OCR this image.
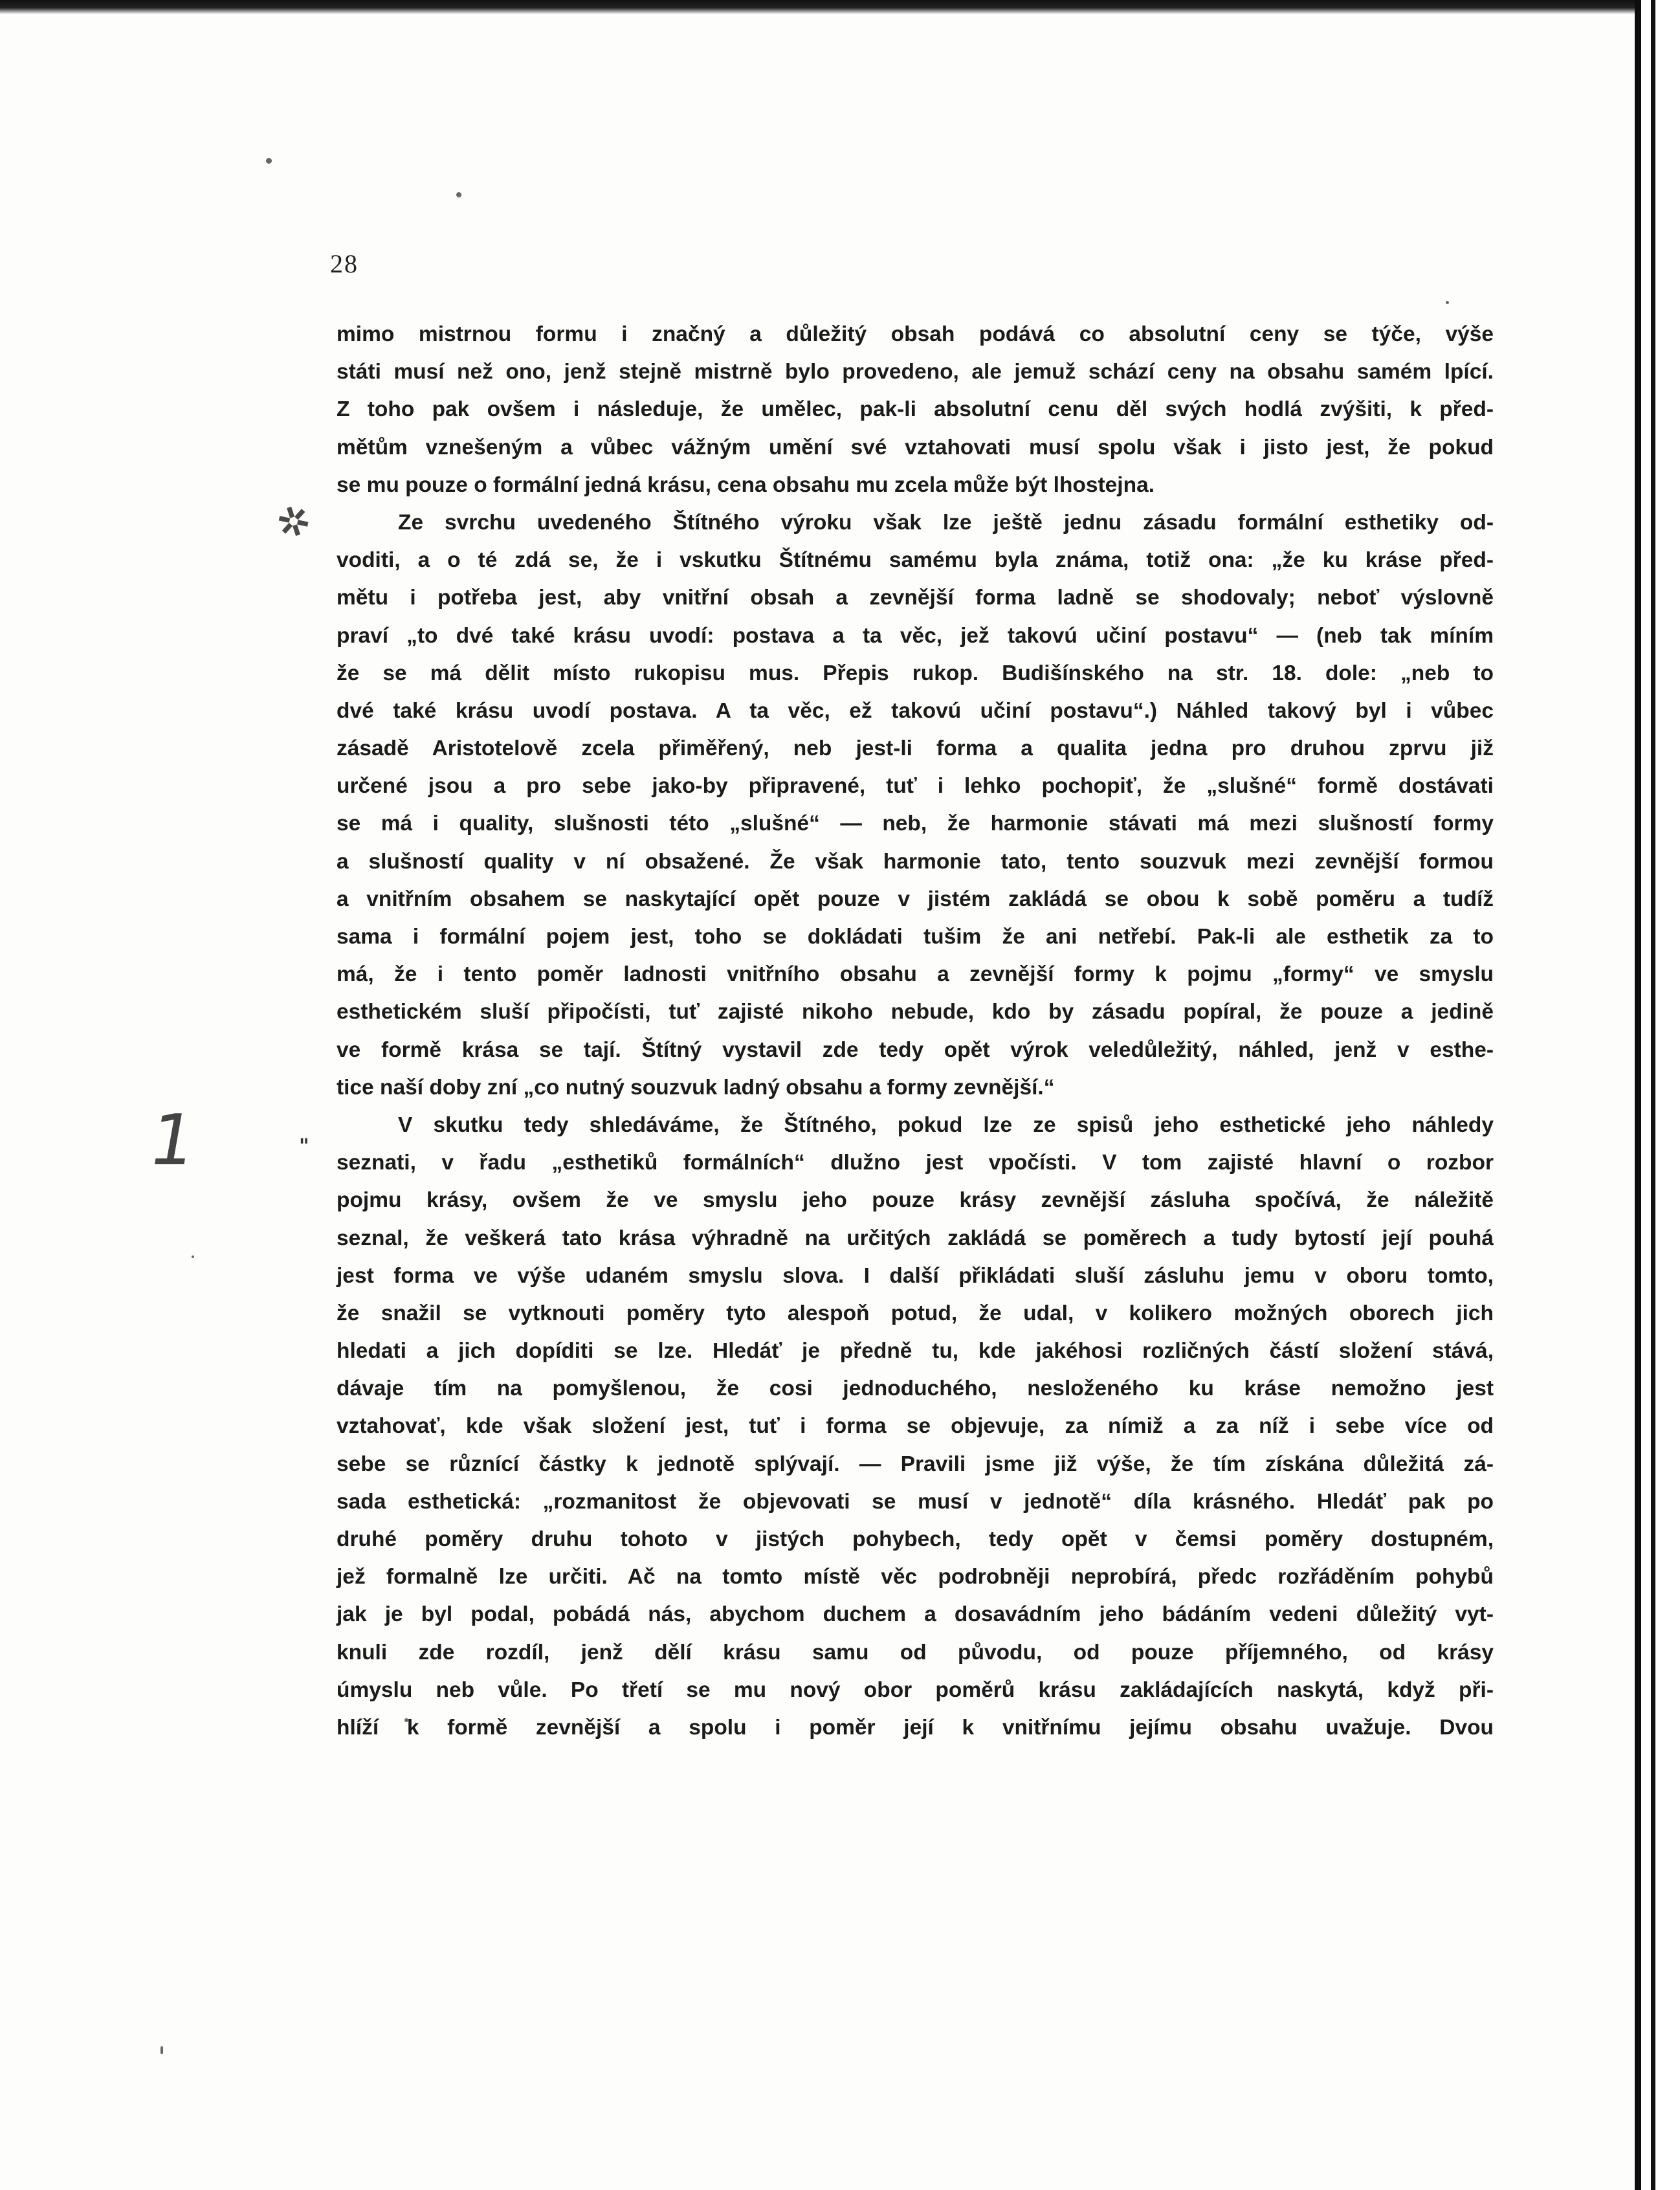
28
✲
1	"
mimo mistrnou formu i značný a důležitý obsah podává co absolutní ceny se týče, výše
státi musí než ono, jenž stejně mistrně bylo provedeno, ale jemuž schází ceny na obsahu samém lpící.
Z toho pak ovšem i následuje, že umělec, pak-li absolutní cenu děl svých hodlá zvýšiti, k před-
mětům vznešeným a vůbec vážným umění své vztahovati musí spolu však i jisto jest, že pokud
se mu pouze o formální jedná krásu, cena obsahu mu zcela může být lhostejna.
Ze svrchu uvedeného Štítného výroku však lze ještě jednu zásadu formální esthetiky od-
voditi, a o té zdá se, že i vskutku Štítnému samému byla známa, totiž ona: „že ku kráse před-
mětu i potřeba jest, aby vnitřní obsah a zevnější forma ladně se shodovaly; neboť výslovně
praví „to dvé také krásu uvodí: postava a ta věc, jež takovú učiní postavu“ — (neb tak míním
že se má dělit místo rukopisu mus. Přepis rukop. Budišínského na str. 18. dole: „neb to
dvé také krásu uvodí postava. A ta věc, ež takovú učiní postavu“.) Náhled takový byl i vůbec
zásadě Aristotelově zcela přiměřený, neb jest-li forma a qualita jedna pro druhou zprvu již
určené jsou a pro sebe jako-by připravené, tuť i lehko pochopiť, že „slušné“ formě dostávati
se má i quality, slušnosti této „slušné“ — neb, že harmonie stávati má mezi slušností formy
a slušností quality v ní obsažené. Že však harmonie tato, tento souzvuk mezi zevnější formou
a vnitřním obsahem se naskytající opět pouze v jistém zakládá se obou k sobě poměru a tudíž
sama i formální pojem jest, toho se dokládati tušim že ani netřebí. Pak-li ale esthetik za to
má, že i tento poměr ladnosti vnitřního obsahu a zevnější formy k pojmu „formy“ ve smyslu
esthetickém sluší připočísti, tuť zajisté nikoho nebude, kdo by zásadu popíral, že pouze a jedině
ve formě krása se tají. Štítný vystavil zde tedy opět výrok veledůležitý, náhled, jenž v esthe-
tice naší doby zní „co nutný souzvuk ladný obsahu a formy zevnější.“
V skutku tedy shledáváme, že Štítného, pokud lze ze spisů jeho esthetické jeho náhledy
seznati, v řadu „esthetiků formálních“ dlužno jest vpočísti. V tom zajisté hlavní o rozbor
pojmu krásy, ovšem že ve smyslu jeho pouze krásy zevnější zásluha spočívá, že náležitě
seznal, že veškerá tato krása výhradně na určitých zakládá se poměrech a tudy bytostí její pouhá
jest forma ve výše udaném smyslu slova. I další přikládati sluší zásluhu jemu v oboru tomto,
že snažil se vytknouti poměry tyto alespoň potud, že udal, v kolikero možných oborech jich
hledati a jich dopíditi se lze. Hledáť je předně tu, kde jakéhosi rozličných částí složení stává,
dávaje tím na pomyšlenou, že cosi jednoduchého, nesloženého ku kráse nemožno jest
vztahovať, kde však složení jest, tuť i forma se objevuje, za nímiž a za níž i sebe více od
sebe se různící částky k jednotě splývají. — Pravili jsme již výše, že tím získána důležitá zá-
sada esthetická: „rozmanitost že objevovati se musí v jednotě“ díla krásného. Hledáť pak po
druhé poměry druhu tohoto v jistých pohybech, tedy opět v čemsi poměry dostupném,
jež formalně lze určiti. Ač na tomto místě věc podrobněji neprobírá, předc rozřáděním pohybů
jak je byl podal, pobádá nás, abychom duchem a dosavádním jeho bádáním vedeni důležitý vyt-
knuli zde rozdíl, jenž dělí krásu samu od původu, od pouze příjemného, od krásy
úmyslu neb vůle. Po třetí se mu nový obor poměrů krásu zakládajících naskytá, když při-
hlíží k formě zevnější a spolu i poměr její k vnitřnímu jejímu obsahu uvažuje. Dvou
